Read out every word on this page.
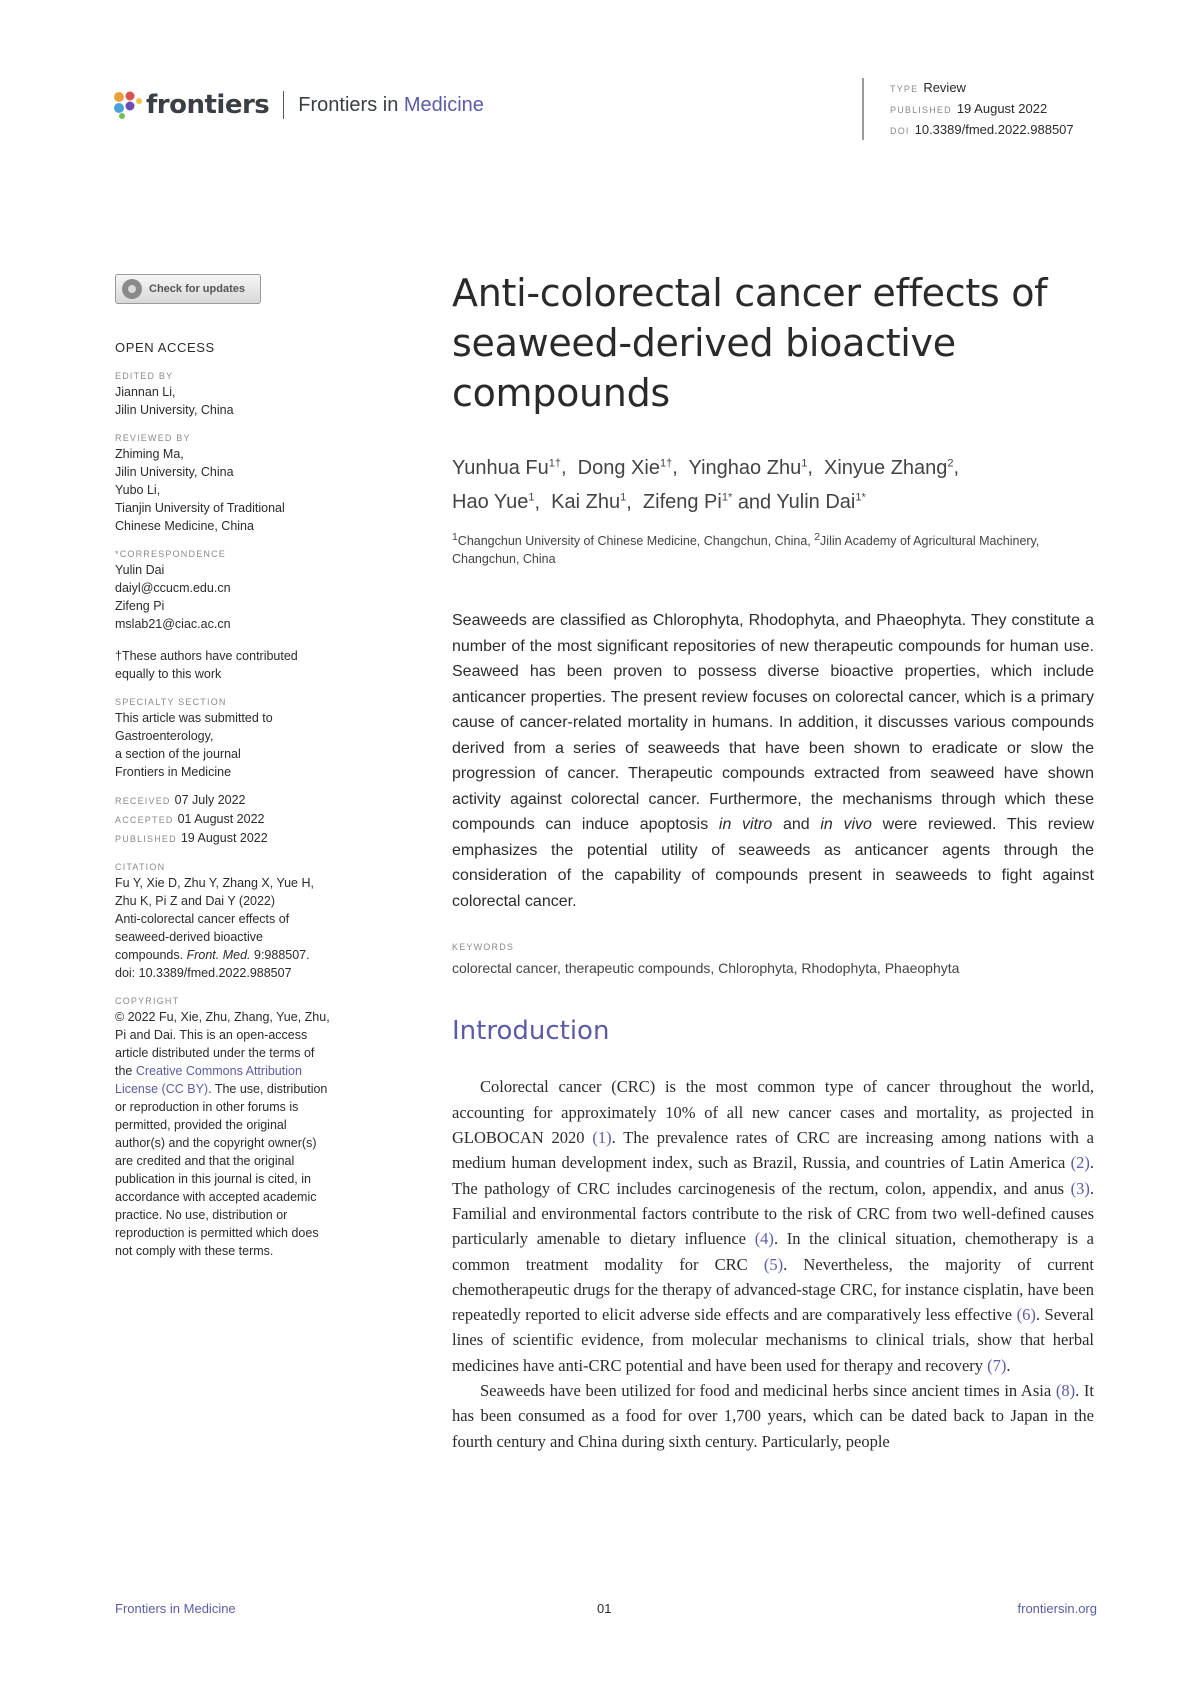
frontiers Frontiers in Medicine
TYPE Review
PUBLISHED 19 August 2022
DOI 10.3389/fmed.2022.988507
Check for updates
OPEN ACCESS
EDITED BY
Jiannan Li,
Jilin University, China
REVIEWED BY
Zhiming Ma,
Jilin University, China
Yubo Li,
Tianjin University of Traditional
Chinese Medicine, China
*CORRESPONDENCE
Yulin Dai
daiyl@ccucm.edu.cn
Zifeng Pi
mslab21@ciac.ac.cn
†These authors have contributed
equally to this work
SPECIALTY SECTION
This article was submitted to
Gastroenterology,
a section of the journal
Frontiers in Medicine
RECEIVED 07 July 2022
ACCEPTED 01 August 2022
PUBLISHED 19 August 2022
CITATION
Fu Y, Xie D, Zhu Y, Zhang X, Yue H,
Zhu K, Pi Z and Dai Y (2022)
Anti-colorectal cancer effects of
seaweed-derived bioactive
compounds. Front. Med. 9:988507.
doi: 10.3389/fmed.2022.988507
COPYRIGHT
© 2022 Fu, Xie, Zhu, Zhang, Yue, Zhu,
Pi and Dai. This is an open-access
article distributed under the terms of
the Creative Commons Attribution
License (CC BY). The use, distribution
or reproduction in other forums is
permitted, provided the original
author(s) and the copyright owner(s)
are credited and that the original
publication in this journal is cited, in
accordance with accepted academic
practice. No use, distribution or
reproduction is permitted which does
not comply with these terms.
Anti-colorectal cancer effects of seaweed-derived bioactive compounds
Yunhua $Fu^{1\dagger}$,  Dong Xie$^{1\dagger}$,  Yinghao Zhu$^1$,  Xinyue Zhang$^2$,
Hao Yue$^1$,  Kai Zhu$^1$,  Zifeng $Pi^{1*}$ and Yulin Dai$^{1*}$
$^1$Changchun University of Chinese Medicine, Changchun, China, $^2$Jilin Academy of Agricultural Machinery, Changchun, China
Seaweeds are classified as Chlorophyta, Rhodophyta, and Phaeophyta. They constitute a number of the most significant repositories of new therapeutic compounds for human use. Seaweed has been proven to possess diverse bioactive properties, which include anticancer properties. The present review focuses on colorectal cancer, which is a primary cause of cancer-related mortality in humans. In addition, it discusses various compounds derived from a series of seaweeds that have been shown to eradicate or slow the progression of cancer. Therapeutic compounds extracted from seaweed have shown activity against colorectal cancer. Furthermore, the mechanisms through which these compounds can induce apoptosis in vitro and in vivo were reviewed. This review emphasizes the potential utility of seaweeds as anticancer agents through the consideration of the capability of compounds present in seaweeds to fight against colorectal cancer.
KEYWORDS
colorectal cancer, therapeutic compounds, Chlorophyta, Rhodophyta, Phaeophyta
Introduction

Colorectal cancer (CRC) is the most common type of cancer throughout the world, accounting for approximately 10% of all new cancer cases and mortality, as projected in GLOBOCAN 2020 (1). The prevalence rates of CRC are increasing among nations with a medium human development index, such as Brazil, Russia, and countries of Latin America (2). The pathology of CRC includes carcinogenesis of the rectum, colon, appendix, and anus (3). Familial and environmental factors contribute to the risk of CRC from two well-defined causes particularly amenable to dietary influence (4). In the clinical situation, chemotherapy is a common treatment modality for CRC (5). Nevertheless, the majority of current chemotherapeutic drugs for the therapy of advanced-stage CRC, for instance cisplatin, have been repeatedly reported to elicit adverse side effects and are comparatively less effective (6). Several lines of scientific evidence, from molecular mechanisms to clinical trials, show that herbal medicines have anti-CRC potential and have been used for therapy and recovery (7).

Seaweeds have been utilized for food and medicinal herbs since ancient times in Asia (8). It has been consumed as a food for over 1,700 years, which can be dated back to Japan in the fourth century and China during sixth century. Particularly, people

Frontiers in Medicine	01	frontiersin.org
